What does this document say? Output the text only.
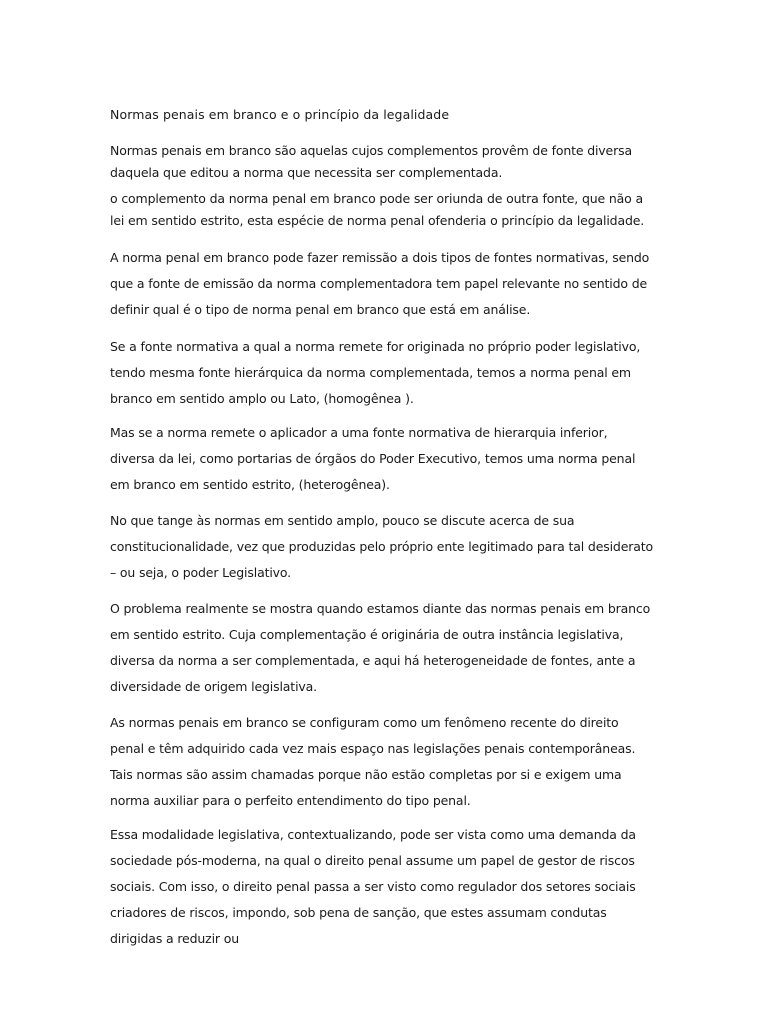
Normas penais em branco e o princípio da legalidade

Normas penais em branco são aquelas cujos complementos provêm de fonte diversa daquela que editou a norma que necessita ser complementada.

o complemento da norma penal em branco pode ser oriunda de outra fonte, que não a lei em sentido estrito, esta espécie de norma penal ofenderia o princípio da legalidade.

A norma penal em branco pode fazer remissão a dois tipos de fontes normativas, sendo que a fonte de emissão da norma complementadora tem papel relevante no sentido de definir qual é o tipo de norma penal em branco que está em análise.

Se a fonte normativa a qual a norma remete for originada no próprio poder legislativo, tendo mesma fonte hierárquica da norma complementada, temos a norma penal em branco em sentido amplo ou Lato, (homogênea ).

Mas se a norma remete o aplicador a uma fonte normativa de hierarquia inferior, diversa da lei, como portarias de órgãos do Poder Executivo, temos uma norma penal em branco em sentido estrito, (heterogênea).

No que tange às normas em sentido amplo, pouco se discute acerca de sua constitucionalidade, vez que produzidas pelo próprio ente legitimado para tal desiderato – ou seja, o poder Legislativo.

O problema realmente se mostra quando estamos diante das normas penais em branco em sentido estrito. Cuja complementação é originária de outra instância legislativa, diversa da norma a ser complementada, e aqui há heterogeneidade de fontes, ante a diversidade de origem legislativa.

As normas penais em branco se configuram como um fenômeno recente do direito penal e têm adquirido cada vez mais espaço nas legislações penais contemporâneas. Tais normas são assim chamadas porque não estão completas por si e exigem uma norma auxiliar para o perfeito entendimento do tipo penal.

Essa modalidade legislativa, contextualizando, pode ser vista como uma demanda da sociedade pós-moderna, na qual o direito penal assume um papel de gestor de riscos sociais. Com isso, o direito penal passa a ser visto como regulador dos setores sociais criadores de riscos, impondo, sob pena de sanção, que estes assumam condutas dirigidas a reduzir ou
